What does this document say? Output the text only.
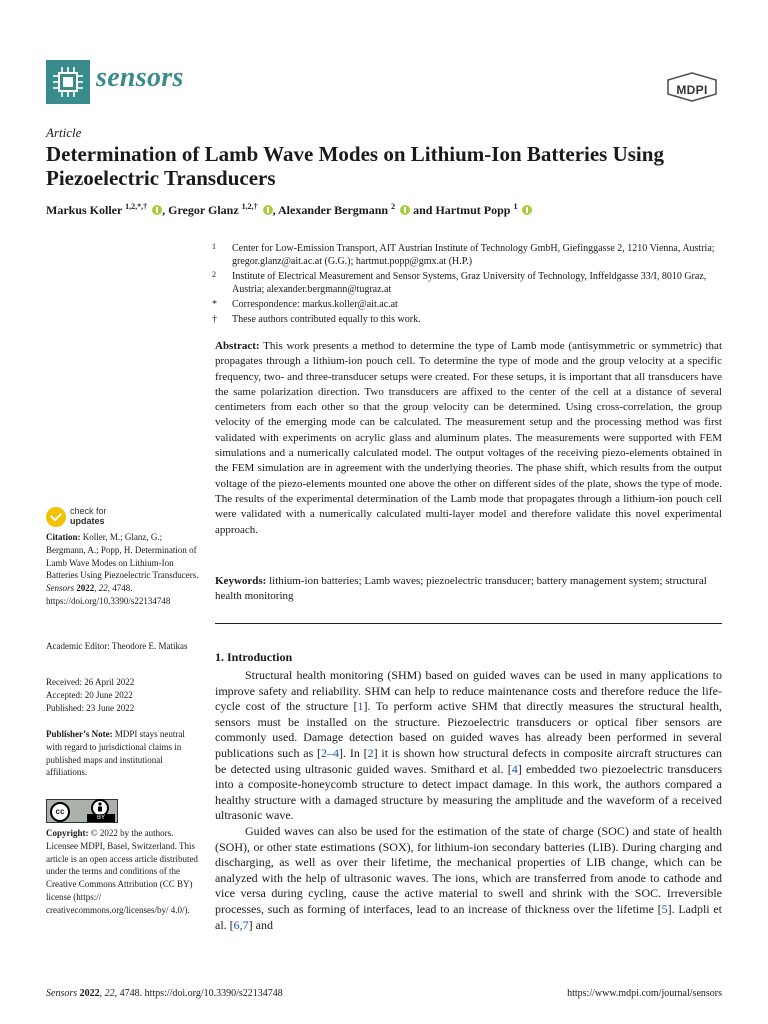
sensors	MDPI
Article
Determination of Lamb Wave Modes on Lithium-Ion Batteries Using Piezoelectric Transducers
Markus Koller $^{1,2,*,\dagger}$ , Gregor Glanz $^{1,2,\dagger}$ , Alexander Bergmann $^2$  and Hartmut Popp $^1$
1 Center for Low-Emission Transport, AIT Austrian Institute of Technology GmbH, Giefinggasse 2, 1210 Vienna, Austria; gregor.glanz@ait.ac.at (G.G.); hartmut.popp@gmx.at (H.P.)
2 Institute of Electrical Measurement and Sensor Systems, Graz University of Technology, Inffeldgasse 33/I, 8010 Graz, Austria; alexander.bergmann@tugraz.at
* Correspondence: markus.koller@ait.ac.at
† These authors contributed equally to this work.
Abstract: This work presents a method to determine the type of Lamb mode (antisymmetric or symmetric) that propagates through a lithium-ion pouch cell. To determine the type of mode and the group velocity at a specific frequency, two- and three-transducer setups were created. For these setups, it is important that all transducers have the same polarization direction. Two transducers are affixed to the center of the cell at a distance of several centimeters from each other so that the group velocity can be determined. Using cross-correlation, the group velocity of the emerging mode can be calculated. The measurement setup and the processing method was first validated with experiments on acrylic glass and aluminum plates. The measurements were supported with FEM simulations and a numerically calculated model. The output voltages of the receiving piezo-elements obtained in the FEM simulation are in agreement with the underlying theories. The phase shift, which results from the output voltage of the piezo-elements mounted one above the other on different sides of the plate, shows the type of mode. The results of the experimental determination of the Lamb mode that propagates through a lithium-ion pouch cell were validated with a numerically calculated multi-layer model and therefore validate this novel experimental approach.
Keywords: lithium-ion batteries; Lamb waves; piezoelectric transducer; battery management system; structural health monitoring
1. Introduction

Structural health monitoring (SHM) based on guided waves can be used in many applications to improve safety and reliability. SHM can help to reduce maintenance costs and therefore reduce the life-cycle cost of the structure [1]. To perform active SHM that directly measures the structural health, sensors must be installed on the structure. Piezoelectric transducers or optical fiber sensors are commonly used. Damage detection based on guided waves has already been performed in several publications such as [2–4]. In [2] it is shown how structural defects in composite aircraft structures can be detected using ultrasonic guided waves. Smithard et al. [4] embedded two piezoelectric transducers into a composite-honeycomb structure to detect impact damage. In this work, the authors compared a healthy structure with a damaged structure by measuring the amplitude and the waveform of a received ultrasonic wave.

Guided waves can also be used for the estimation of the state of charge (SOC) and state of health (SOH), or other state estimations (SOX), for lithium-ion secondary batteries (LIB). During charging and discharging, as well as over their lifetime, the mechanical properties of LIB change, which can be analyzed with the help of ultrasonic waves. The ions, which are transferred from anode to cathode and vice versa during cycling, cause the active material to swell and shrink with the SOC. Irreversible processes, such as forming of interfaces, lead to an increase of thickness over the lifetime [5]. Ladpli et al. [6,7] and

check for
updates
Citation: Koller, M.; Glanz, G.; Bergmann, A.; Popp, H. Determination of Lamb Wave Modes on Lithium-Ion Batteries Using Piezoelectric Transducers. Sensors 2022, 22, 4748. https://doi.org/10.3390/s22134748
Academic Editor: Theodore E. Matikas
Received: 26 April 2022
Accepted: 20 June 2022
Published: 23 June 2022
Publisher’s Note: MDPI stays neutral with regard to jurisdictional claims in published maps and institutional affiliations.
cc
BY
Copyright: © 2022 by the authors. Licensee MDPI, Basel, Switzerland. This article is an open access article distributed under the terms and conditions of the Creative Commons Attribution (CC BY) license (https:// creativecommons.org/licenses/by/ 4.0/).
Sensors 2022, 22, 4748. https://doi.org/10.3390/s22134748	https://www.mdpi.com/journal/sensors
